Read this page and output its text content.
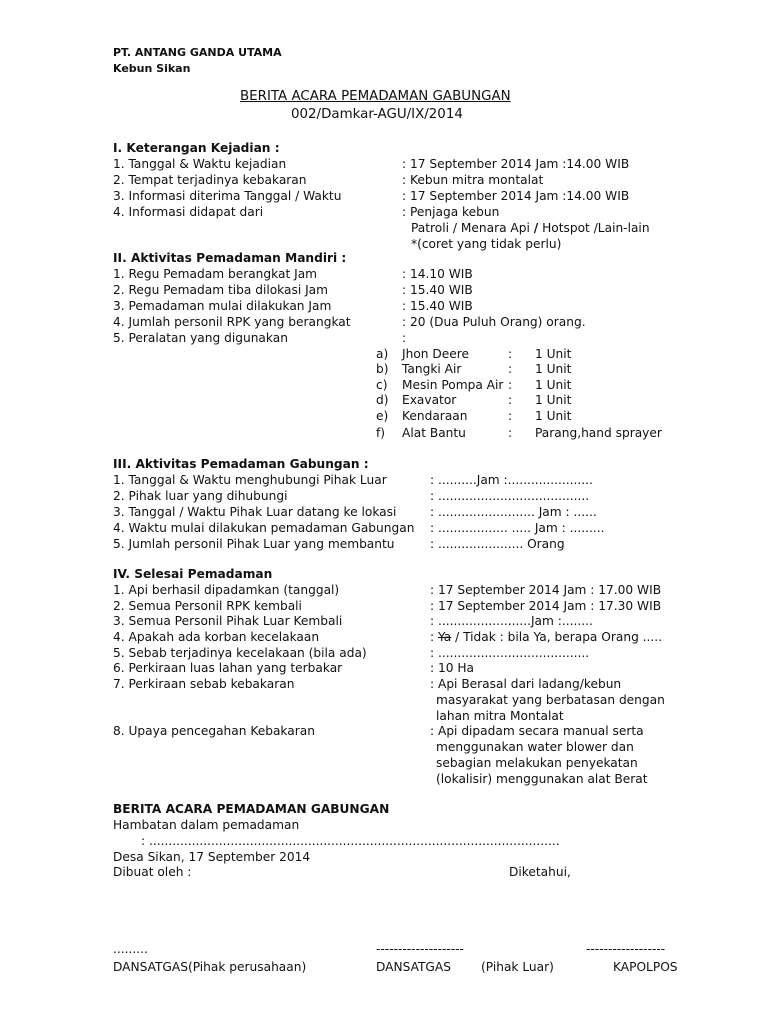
PT. ANTANG GANDA UTAMA
Kebun Sikan
BERITA ACARA PEMADAMAN GABUNGAN
002/Damkar-AGU/IX/2014
I. Keterangan Kejadian :
1. Tanggal & Waktu kejadian	: 17 September 2014 Jam :14.00 WIB
2. Tempat terjadinya kebakaran	: Kebun mitra montalat
3. Informasi diterima Tanggal / Waktu	: 17 September 2014 Jam :14.00 WIB
4. Informasi didapat dari	: Penjaga kebun
Patroli / Menara Api / Hotspot /Lain-lain
*(coret yang tidak perlu)
II. Aktivitas Pemadaman Mandiri :
1. Regu Pemadam berangkat Jam	: 14.10 WIB
2. Regu Pemadam tiba dilokasi Jam	: 15.40 WIB
3. Pemadaman mulai dilakukan Jam	: 15.40 WIB
4. Jumlah personil RPK yang berangkat	: 20 (Dua Puluh Orang) orang.
5. Peralatan yang digunakan	:
a) Jhon Deere	: 1 Unit
b) Tangki Air	: 1 Unit
c) Mesin Pompa Air : 1 Unit
d) Exavator	: 1 Unit
e) Kendaraan	: 1 Unit
f) Alat Bantu	: Parang,hand sprayer
III. Aktivitas Pemadaman Gabungan :
1. Tanggal & Waktu menghubungi Pihak Luar	: ..........Jam :......................
2. Pihak luar yang dihubungi	: .......................................
3. Tanggal / Waktu Pihak Luar datang ke lokasi	: ......................... Jam : ......
4. Waktu mulai dilakukan pemadaman Gabungan : .................. ..... Jam : .........
5. Jumlah personil Pihak Luar yang membantu	: ...................... Orang
IV. Selesai Pemadaman
1. Api berhasil dipadamkan (tanggal)	: 17 September 2014 Jam : 17.00 WIB
2. Semua Personil RPK kembali	: 17 September 2014 Jam : 17.30 WIB
3. Semua Personil Pihak Luar Kembali	: ........................Jam :........
4. Apakah ada korban kecelakaan	: Ya / Tidak : bila Ya, berapa Orang .....
5. Sebab terjadinya kecelakaan (bila ada)	: .......................................
6. Perkiraan luas lahan yang terbakar	: 10 Ha
7. Perkiraan sebab kebakaran	: Api Berasal dari ladang/kebun
masyarakat yang berbatasan dengan
lahan mitra Montalat
8. Upaya pencegahan Kebakaran	: Api dipadam secara manual serta
menggunakan water blower dan
sebagian melakukan penyekatan
(lokalisir) menggunakan alat Berat
BERITA ACARA PEMADAMAN GABUNGAN
Hambatan dalam pemadaman
: ..........................................................................................................
Desa Sikan, 17 September 2014
Dibuat oleh :	Diketahui,
.........	--------------------	------------------
DANSATGAS(Pihak perusahaan)	DANSATGAS (Pihak Luar)	KAPOLPOS
